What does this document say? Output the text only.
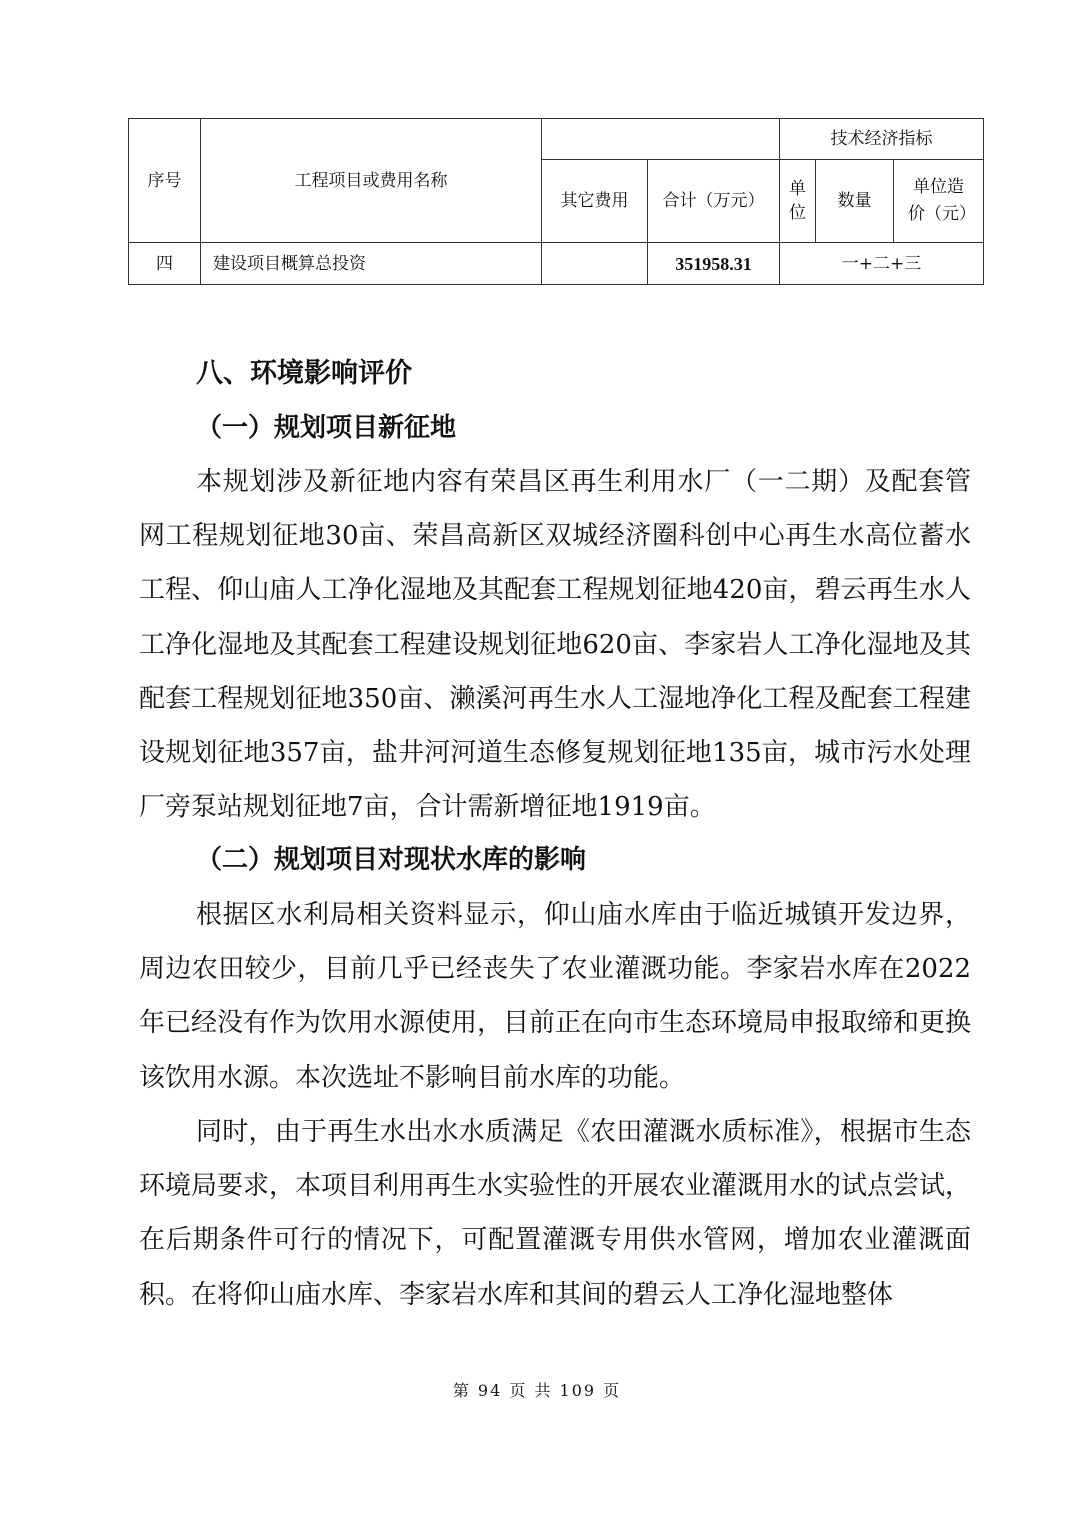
序号	工程项目或费用名称			技术经济指标		
		其它费用	合计（万元）	单位	数量	单位造价（元）
四	建设项目概算总投资		351958.31	一+二+三		
八、环境影响评价
（一）规划项目新征地

本规划涉及新征地内容有荣昌区再生利用水厂（一二期）及配套管网工程规划征地30亩、荣昌高新区双城经济圈科创中心再生水高位蓄水工程、仰山庙人工净化湿地及其配套工程规划征地420亩，碧云再生水人工净化湿地及其配套工程建设规划征地620亩、李家岩人工净化湿地及其配套工程规划征地350亩、濑溪河再生水人工湿地净化工程及配套工程建设规划征地357亩，盐井河河道生态修复规划征地135亩，城市污水处理厂旁泵站规划征地7亩，合计需新增征地1919亩。

（二）规划项目对现状水库的影响

根据区水利局相关资料显示，仰山庙水库由于临近城镇开发边界，周边农田较少，目前几乎已经丧失了农业灌溉功能。李家岩水库在2022年已经没有作为饮用水源使用，目前正在向市生态环境局申报取缔和更换该饮用水源。本次选址不影响目前水库的功能。

同时，由于再生水出水水质满足《农田灌溉水质标准》，根据市生态环境局要求，本项目利用再生水实验性的开展农业灌溉用水的试点尝试，在后期条件可行的情况下，可配置灌溉专用供水管网，增加农业灌溉面积。在将仰山庙水库、李家岩水库和其间的碧云人工净化湿地整体

第 94 页 共 109 页
